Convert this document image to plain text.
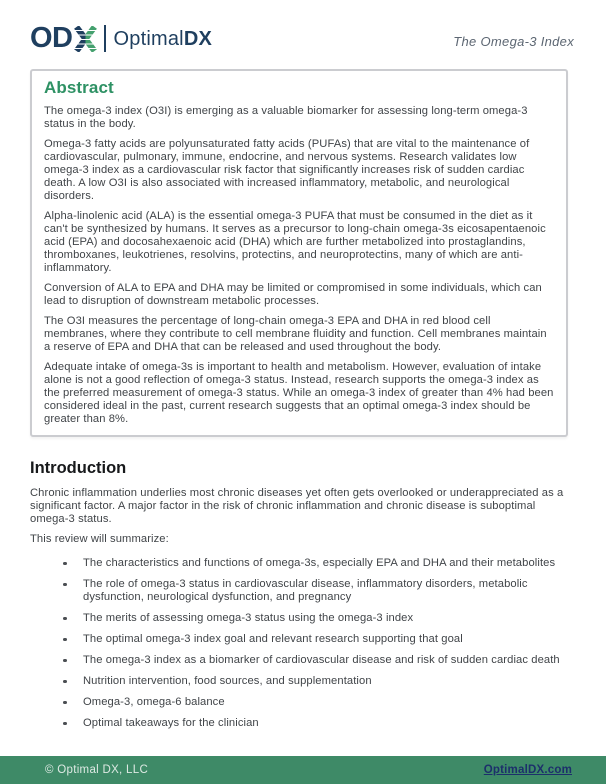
OD OptimalDX	The Omega-3 Index
Abstract

The omega-3 index (O3I) is emerging as a valuable biomarker for assessing long-term omega-3 status in the body.

Omega-3 fatty acids are polyunsaturated fatty acids (PUFAs) that are vital to the maintenance of cardiovascular, pulmonary, immune, endocrine, and nervous systems. Research validates low omega-3 index as a cardiovascular risk factor that significantly increases risk of sudden cardiac death. A low O3I is also associated with increased inflammatory, metabolic, and neurological disorders.

Alpha-linolenic acid (ALA) is the essential omega-3 PUFA that must be consumed in the diet as it can't be synthesized by humans. It serves as a precursor to long-chain omega-3s eicosapentaenoic acid (EPA) and docosahexaenoic acid (DHA) which are further metabolized into prostaglandins, thromboxanes, leukotrienes, resolvins, protectins, and neuroprotectins, many of which are anti-inflammatory.

Conversion of ALA to EPA and DHA may be limited or compromised in some individuals, which can lead to disruption of downstream metabolic processes.

The O3I measures the percentage of long-chain omega-3 EPA and DHA in red blood cell membranes, where they contribute to cell membrane fluidity and function. Cell membranes maintain a reserve of EPA and DHA that can be released and used throughout the body.

Adequate intake of omega-3s is important to health and metabolism. However, evaluation of intake alone is not a good reflection of omega-3 status. Instead, research supports the omega-3 index as the preferred measurement of omega-3 status. While an omega-3 index of greater than 4% had been considered ideal in the past, current research suggests that an optimal omega-3 index should be greater than 8%.

Introduction

Chronic inflammation underlies most chronic diseases yet often gets overlooked or underappreciated as a significant factor. A major factor in the risk of chronic inflammation and chronic disease is suboptimal omega-3 status.

This review will summarize:

The characteristics and functions of omega-3s, especially EPA and DHA and their metabolites
The role of omega-3 status in cardiovascular disease, inflammatory disorders, metabolic dysfunction, neurological dysfunction, and pregnancy
The merits of assessing omega-3 status using the omega-3 index
The optimal omega-3 index goal and relevant research supporting that goal
The omega-3 index as a biomarker of cardiovascular disease and risk of sudden cardiac death
Nutrition intervention, food sources, and supplementation
Omega-3, omega-6 balance
Optimal takeaways for the clinician
© Optimal DX, LLC	OptimalDX.com
